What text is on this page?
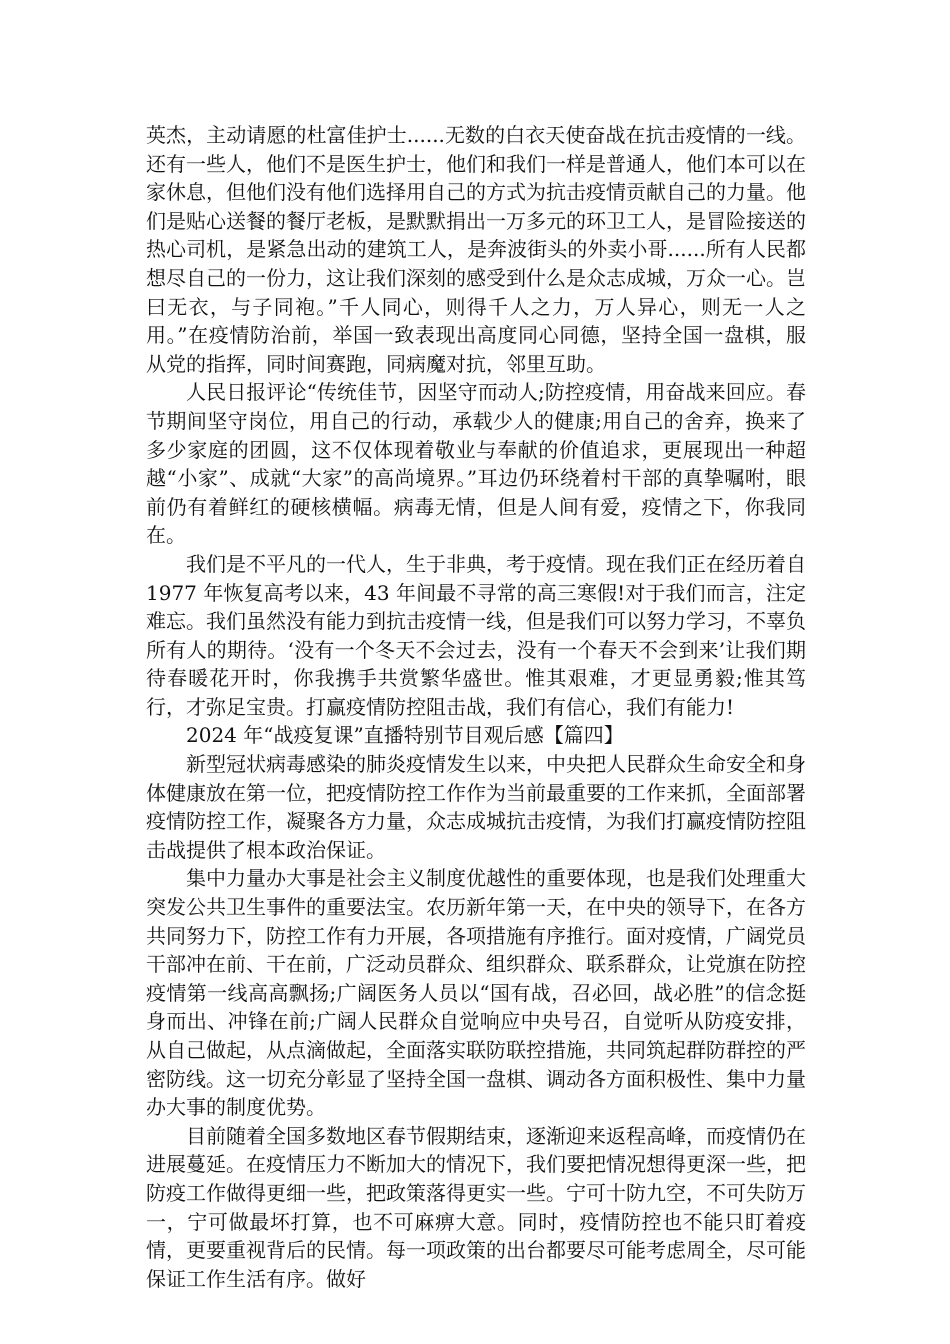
英杰，主动请愿的杜富佳护士......无数的白衣天使奋战在抗击疫情的一线。还有一些人，他们不是医生护士，他们和我们一样是普通人，他们本可以在家休息，但他们没有他们选择用自己的方式为抗击疫情贡献自己的力量。他们是贴心送餐的餐厅老板，是默默捐出一万多元的环卫工人，是冒险接送的热心司机，是紧急出动的建筑工人，是奔波街头的外卖小哥......所有人民都想尽自己的一份力，这让我们深刻的感受到什么是众志成城，万众一心。岂曰无衣，与子同袍。”千人同心，则得千人之力，万人异心，则无一人之用。”在疫情防治前，举国一致表现出高度同心同德，坚持全国一盘棋，服从党的指挥，同时间赛跑，同病魔对抗，邻里互助。

人民日报评论“传统佳节，因坚守而动人;防控疫情，用奋战来回应。春节期间坚守岗位，用自己的行动，承载少人的健康;用自己的舍弃，换来了多少家庭的团圆，这不仅体现着敬业与奉献的价值追求，更展现出一种超越“小家”、成就“大家”的高尚境界。”耳边仍环绕着村干部的真挚嘱咐，眼前仍有着鲜红的硬核横幅。病毒无情，但是人间有爱，疫情之下，你我同在。

我们是不平凡的一代人，生于非典，考于疫情。现在我们正在经历着自 1977 年恢复高考以来，43 年间最不寻常的高三寒假!对于我们而言，注定难忘。我们虽然没有能力到抗击疫情一线，但是我们可以努力学习，不辜负所有人的期待。‘没有一个冬天不会过去，没有一个春天不会到来’让我们期待春暖花开时，你我携手共赏繁华盛世。惟其艰难，才更显勇毅;惟其笃行，才弥足宝贵。打赢疫情防控阻击战，我们有信心，我们有能力!

2024 年“战疫复课”直播特别节目观后感【篇四】

新型冠状病毒感染的肺炎疫情发生以来，中央把人民群众生命安全和身体健康放在第一位，把疫情防控工作作为当前最重要的工作来抓，全面部署疫情防控工作，凝聚各方力量，众志成城抗击疫情，为我们打赢疫情防控阻击战提供了根本政治保证。

集中力量办大事是社会主义制度优越性的重要体现，也是我们处理重大突发公共卫生事件的重要法宝。农历新年第一天，在中央的领导下，在各方共同努力下，防控工作有力开展，各项措施有序推行。面对疫情，广阔党员干部冲在前、干在前，广泛动员群众、组织群众、联系群众，让党旗在防控疫情第一线高高飘扬;广阔医务人员以“国有战，召必回，战必胜”的信念挺身而出、冲锋在前;广阔人民群众自觉响应中央号召，自觉听从防疫安排，从自己做起，从点滴做起，全面落实联防联控措施，共同筑起群防群控的严密防线。这一切充分彰显了坚持全国一盘棋、调动各方面积极性、集中力量办大事的制度优势。

目前随着全国多数地区春节假期结束，逐渐迎来返程高峰，而疫情仍在进展蔓延。在疫情压力不断加大的情况下，我们要把情况想得更深一些，把防疫工作做得更细一些，把政策落得更实一些。宁可十防九空，不可失防万一，宁可做最坏打算，也不可麻痹大意。同时，疫情防控也不能只盯着疫情，更要重视背后的民情。每一项政策的出台都要尽可能考虑周全，尽可能保证工作生活有序。做好
